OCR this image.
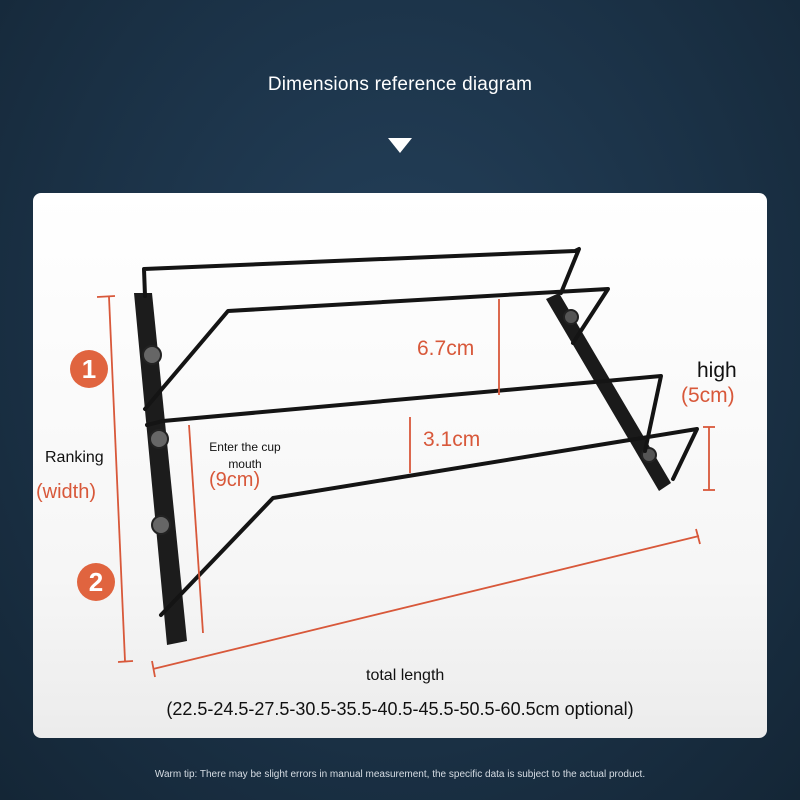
Dimensions reference diagram
6.7cm
3.1cm
high
(5cm)
Enter the cup mouth
(9cm)
Ranking
(width)
1
2
total length
(22.5-24.5-27.5-30.5-35.5-40.5-45.5-50.5-60.5cm optional)
Warm tip: There may be slight errors in manual measurement, the specific data is subject to the actual product.
